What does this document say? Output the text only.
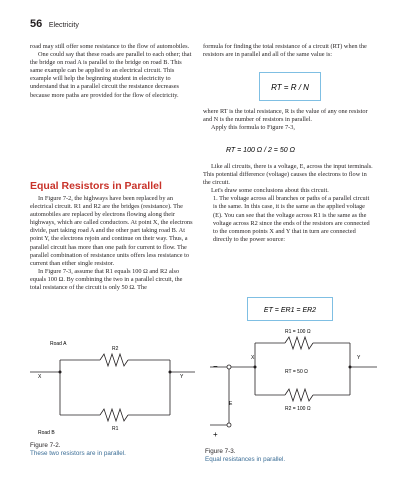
56 Electricity

road may still offer some resistance to the flow of automobiles.

One could say that these roads are parallel to each other; that the bridge on road A is parallel to the bridge on road B. This same example can be applied to an electrical circuit. This example will help the beginning student in electricity to understand that in a parallel circuit the resistance decreases because more paths are provided for the flow of electricity.

Equal Resistors in Parallel

In Figure 7-2, the highways have been replaced by an electrical circuit. R1 and R2 are the bridges (resistance). The automobiles are replaced by electrons flowing along their highways, which are called conductors. At point X, the electrons divide, part taking road A and the other part taking road B. At point Y, the electrons rejoin and continue on their way. Thus, a parallel circuit has more than one path for current to flow. The parallel combination of resistance units offers less resistance to current than either single resistor.

In Figure 7-3, assume that R1 equals 100 Ω and R2 also equals 100 Ω. By combining the two in a parallel circuit, the total resistance of the circuit is only 50 Ω. The

formula for finding the total resistance of a circuit (RT) when the resistors are in parallel and all of the same value is:

RT = R / N

where RT is the total resistance, R is the value of any one resistor and N is the number of resistors in parallel.

Apply this formula to Figure 7-3,

RT = 100 Ω / 2 = 50 Ω

Like all circuits, there is a voltage, E, across the input terminals. This potential difference (voltage) causes the electrons to flow in the circuit.

Let's draw some conclusions about this circuit.

1. The voltage across all branches or paths of a parallel circuit is the same. In this case, it is the same as the applied voltage (E). You can see that the voltage across R1 is the same as the voltage across R2 since the ends of the resistors are connected to the common points X and Y that in turn are connected directly to the power source:

ET = ER1 = ER2
Road A
Road B
X	Y
R2
R1
Figure 7-2.
These two resistors are in parallel.
−
+
X	Y
E
R1 = 100 Ω
RT = 50 Ω
R2 = 100 Ω
Figure 7-3.
Equal resistances in parallel.
